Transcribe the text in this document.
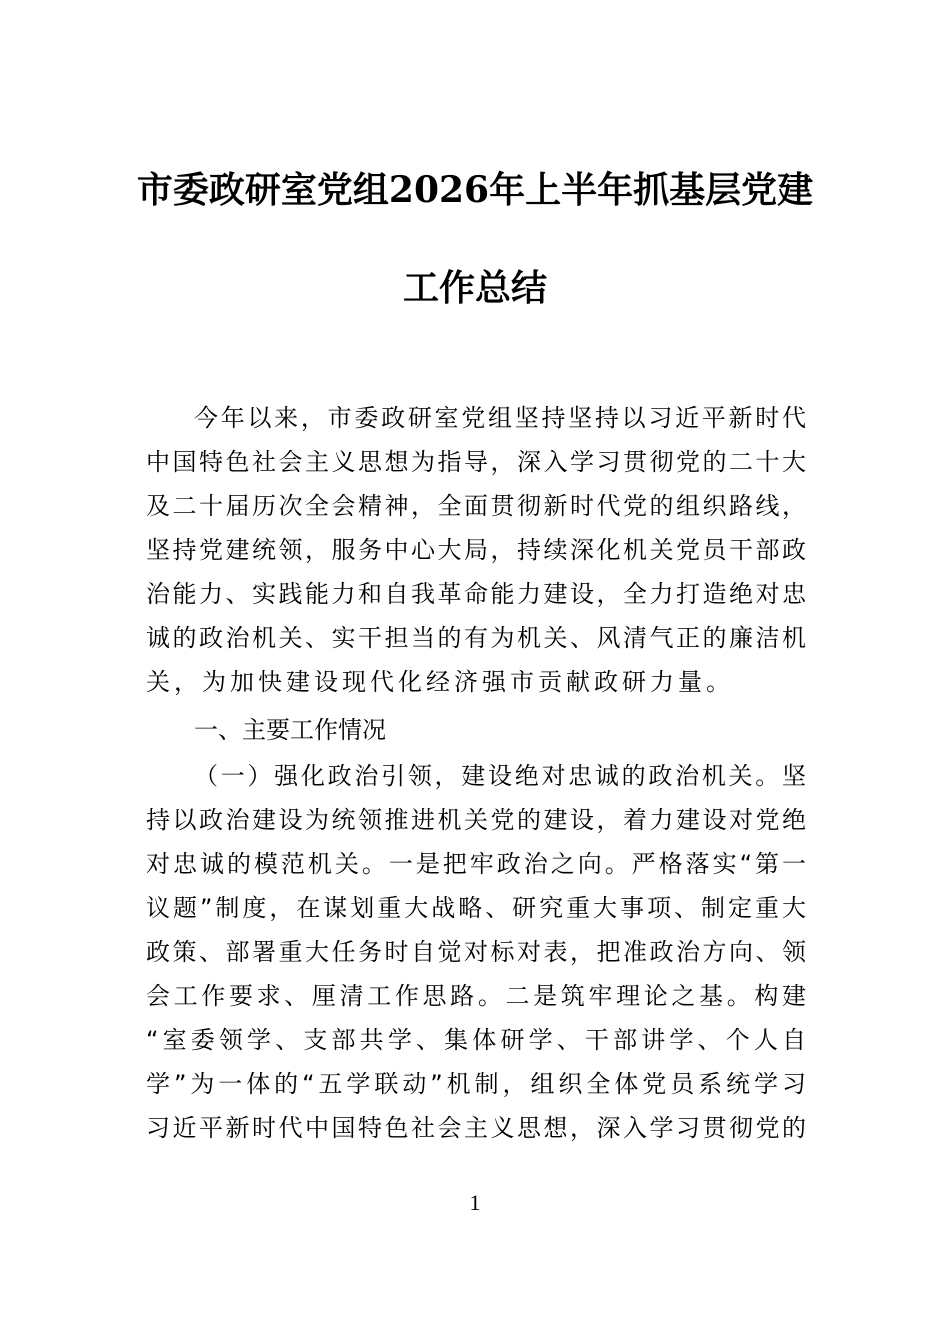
市委政研室党组2026年上半年抓基层党建
工作总结
今年以来，市委政研室党组坚持坚持以习近平新时代
中国特色社会主义思想为指导，深入学习贯彻党的二十大
及二十届历次全会精神，全面贯彻新时代党的组织路线，
坚持党建统领，服务中心大局，持续深化机关党员干部政
治能力、实践能力和自我革命能力建设，全力打造绝对忠
诚的政治机关、实干担当的有为机关、风清气正的廉洁机
关，为加快建设现代化经济强市贡献政研力量。
一、主要工作情况
（一）强化政治引领，建设绝对忠诚的政治机关。坚
持以政治建设为统领推进机关党的建设，着力建设对党绝
对忠诚的模范机关。一是把牢政治之向。严格落实“第一
议题”制度，在谋划重大战略、研究重大事项、制定重大
政策、部署重大任务时自觉对标对表，把准政治方向、领
会工作要求、厘清工作思路。二是筑牢理论之基。构建
“室委领学、支部共学、集体研学、干部讲学、个人自
学”为一体的“五学联动”机制，组织全体党员系统学习
习近平新时代中国特色社会主义思想，深入学习贯彻党的
1
